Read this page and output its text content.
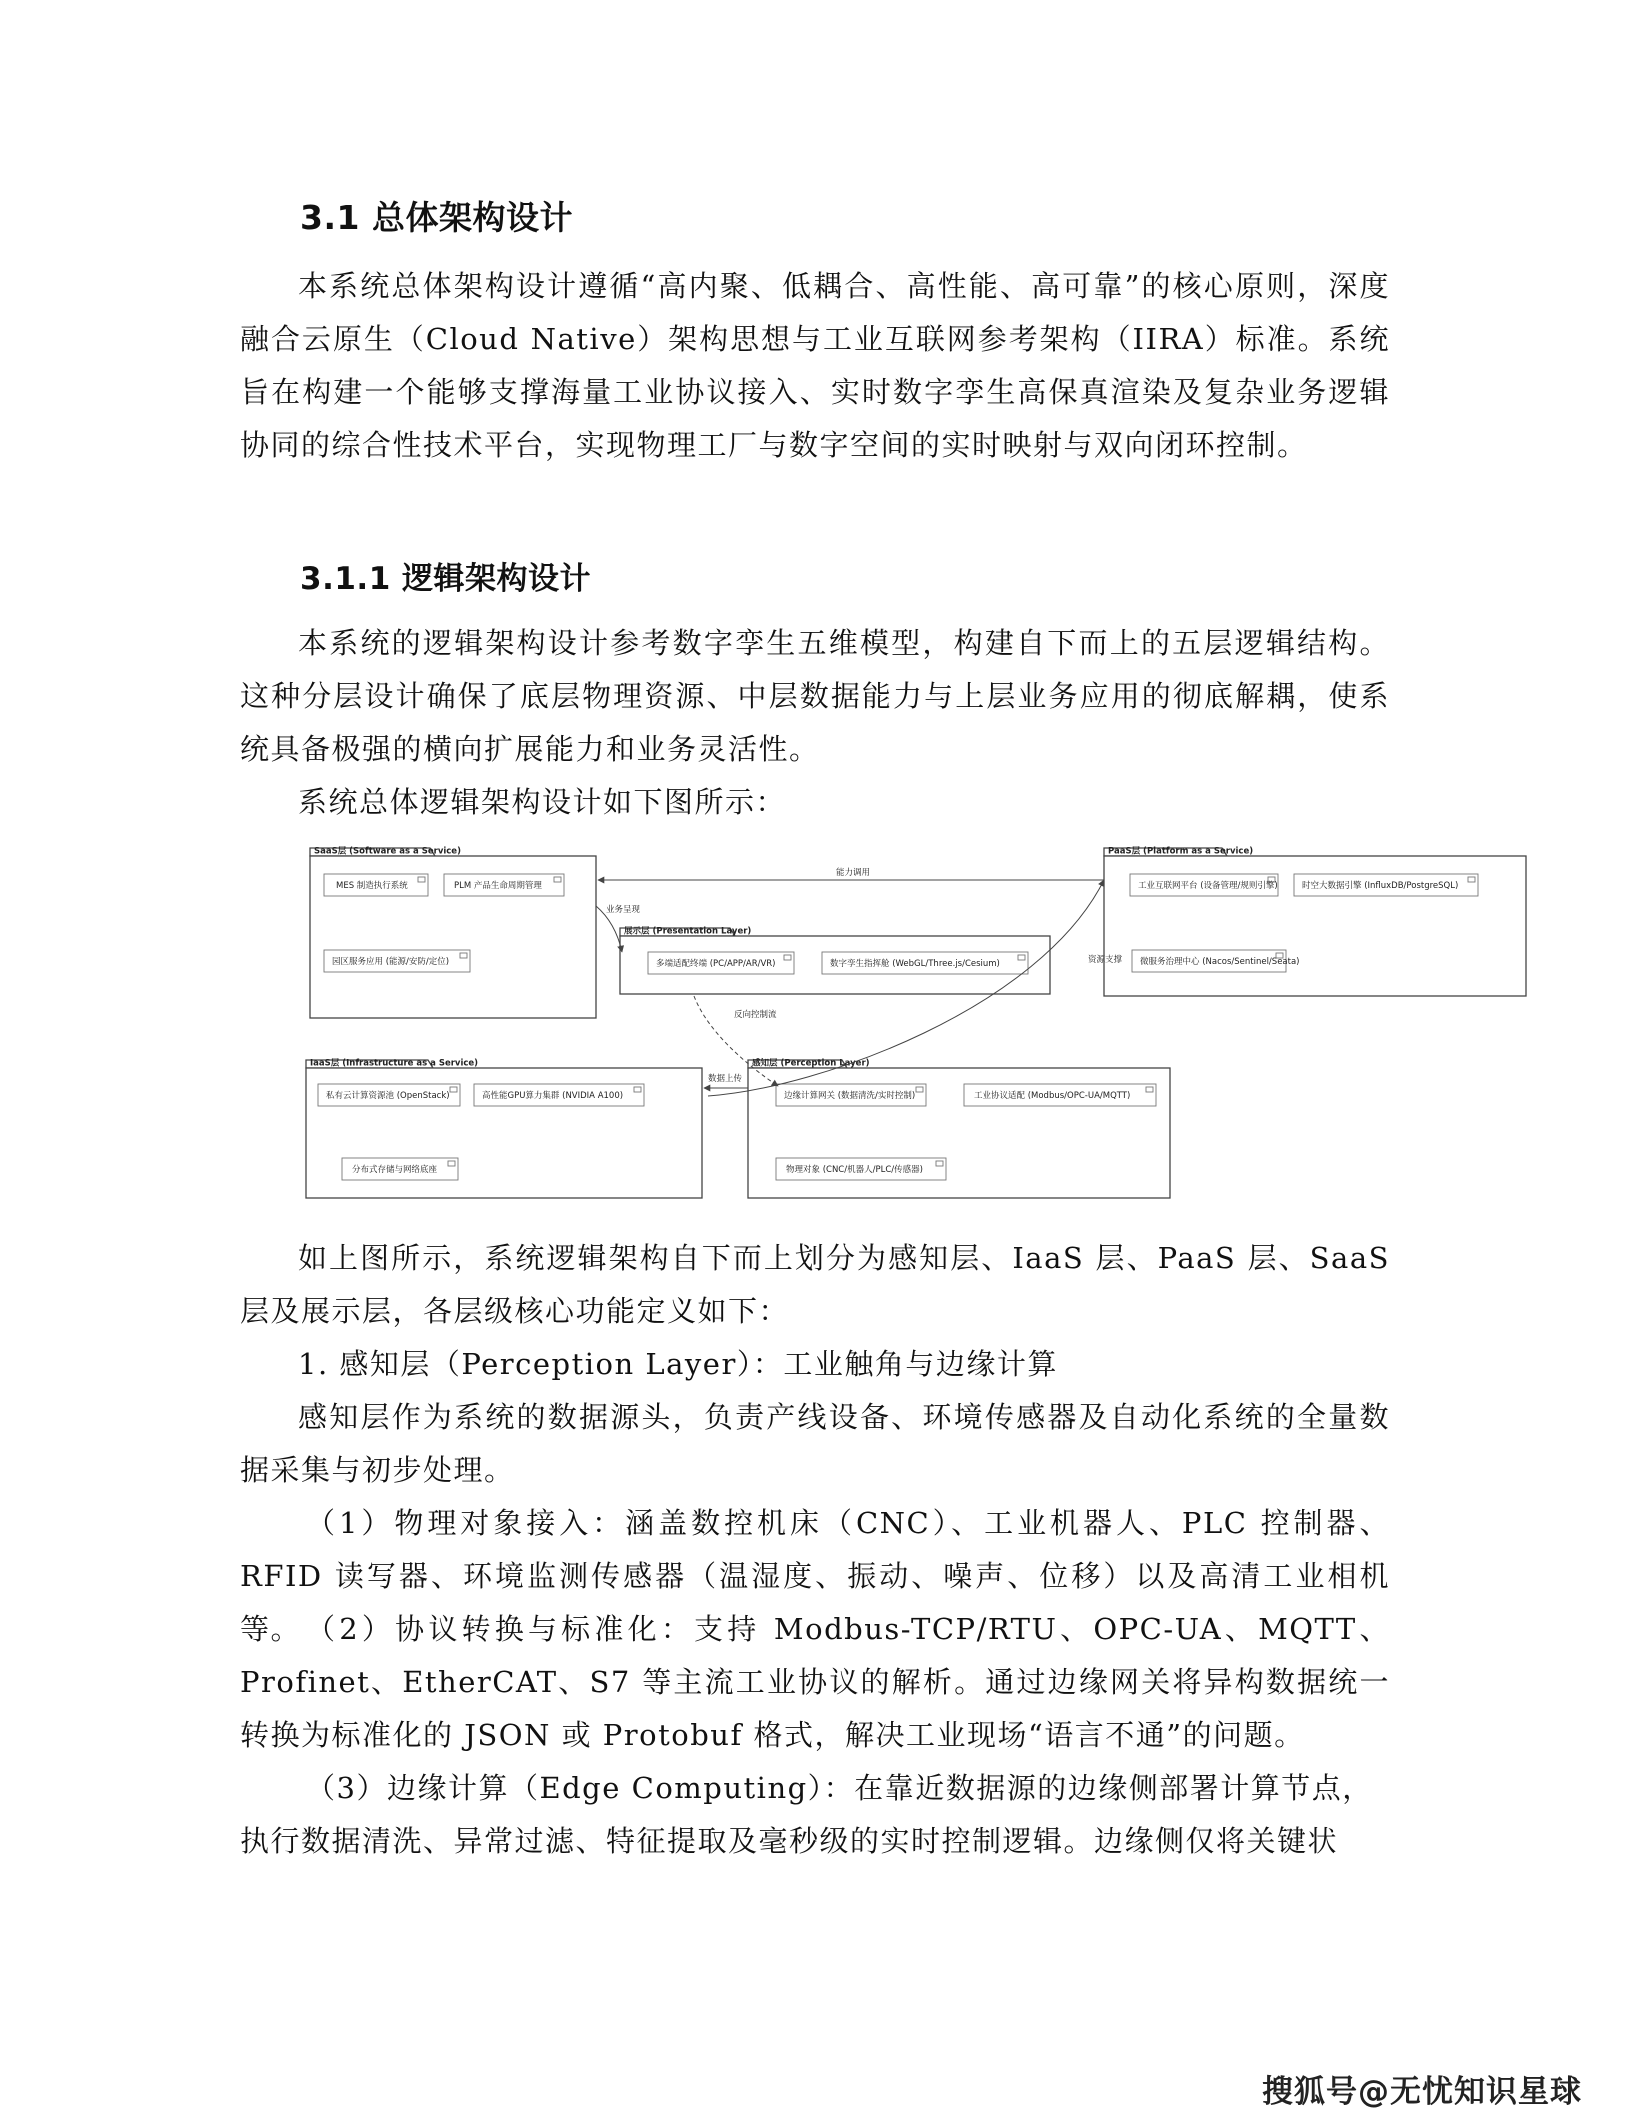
3.1 总体架构设计
本系统总体架构设计遵循“高内聚、低耦合、高性能、高可靠”的核心原则，深度融合云原生（Cloud Native）架构思想与工业互联网参考架构（IIRA）标准。系统旨在构建一个能够支撑海量工业协议接入、实时数字孪生高保真渲染及复杂业务逻辑协同的综合性技术平台，实现物理工厂与数字空间的实时映射与双向闭环控制。
3.1.1 逻辑架构设计
本系统的逻辑架构设计参考数字孪生五维模型，构建自下而上的五层逻辑结构。这种分层设计确保了底层物理资源、中层数据能力与上层业务应用的彻底解耦，使系统具备极强的横向扩展能力和业务灵活性。
系统总体逻辑架构设计如下图所示：
SaaS层 (Software as a Service)
MES 制造执行系统	PLM 产品生命周期管理
园区服务应用 (能源/安防/定位)
PaaS层 (Platform as a Service)
工业互联网平台 (设备管理/规则引擎)	时空大数据引擎 (InfluxDB/PostgreSQL)
微服务治理中心 (Nacos/Sentinel/Seata)
展示层 (Presentation Layer)
多端适配终端 (PC/APP/AR/VR)	数字孪生指挥舱 (WebGL/Three.js/Cesium)
IaaS层 (Infrastructure as a Service)
私有云计算资源池 (OpenStack)	高性能GPU算力集群 (NVIDIA A100)
分布式存储与网络底座
感知层 (Perception Layer)
边缘计算网关 (数据清洗/实时控制)	工业协议适配 (Modbus/OPC-UA/MQTT)
物理对象 (CNC/机器人/PLC/传感器)
能力调用
业务呈现
资源支撑
反向控制流
数据上传
如上图所示，系统逻辑架构自下而上划分为感知层、IaaS 层、PaaS 层、SaaS 层及展示层，各层级核心功能定义如下：
1. 感知层（Perception Layer）：工业触角与边缘计算
感知层作为系统的数据源头，负责产线设备、环境传感器及自动化系统的全量数据采集与初步处理。
（1）物理对象接入：涵盖数控机床（CNC）、工业机器人、PLC 控制器、RFID 读写器、环境监测传感器（温湿度、振动、噪声、位移）以及高清工业相机等。 （2）协议转换与标准化：支持 Modbus-TCP/RTU、OPC-UA、MQTT、Profinet、EtherCAT、S7 等主流工业协议的解析。通过边缘网关将异构数据统一转换为标准化的 JSON 或 Protobuf 格式，解决工业现场“语言不通”的问题。
（3）边缘计算（Edge Computing）：在靠近数据源的边缘侧部署计算节点，
执行数据清洗、异常过滤、特征提取及毫秒级的实时控制逻辑。边缘侧仅将关键状
搜狐号@无忧知识星球
